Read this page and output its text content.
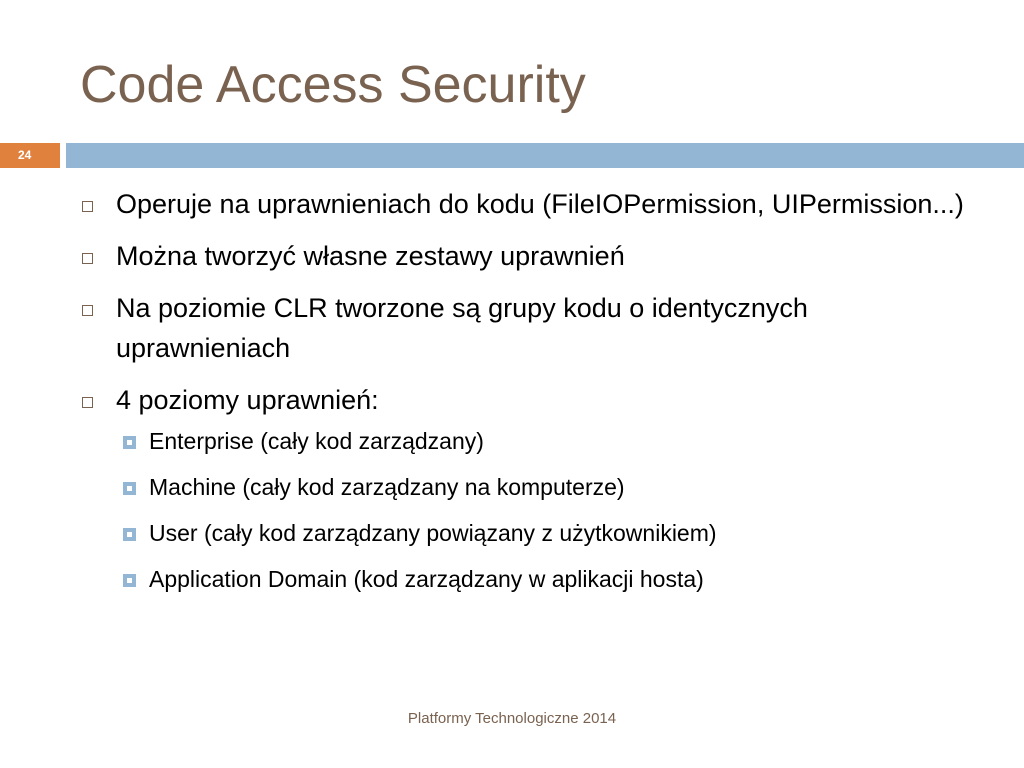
Code Access Security
24
Operuje na uprawnieniach do kodu (FileIOPermission, UIPermission...)
Można tworzyć własne zestawy uprawnień
Na poziomie CLR tworzone są grupy kodu o identycznych uprawnieniach
4 poziomy uprawnień:
Enterprise (cały kod zarządzany)
Machine (cały kod zarządzany na komputerze)
User (cały kod zarządzany powiązany z użytkownikiem)
Application Domain (kod zarządzany w aplikacji hosta)
Platformy Technologiczne 2014
